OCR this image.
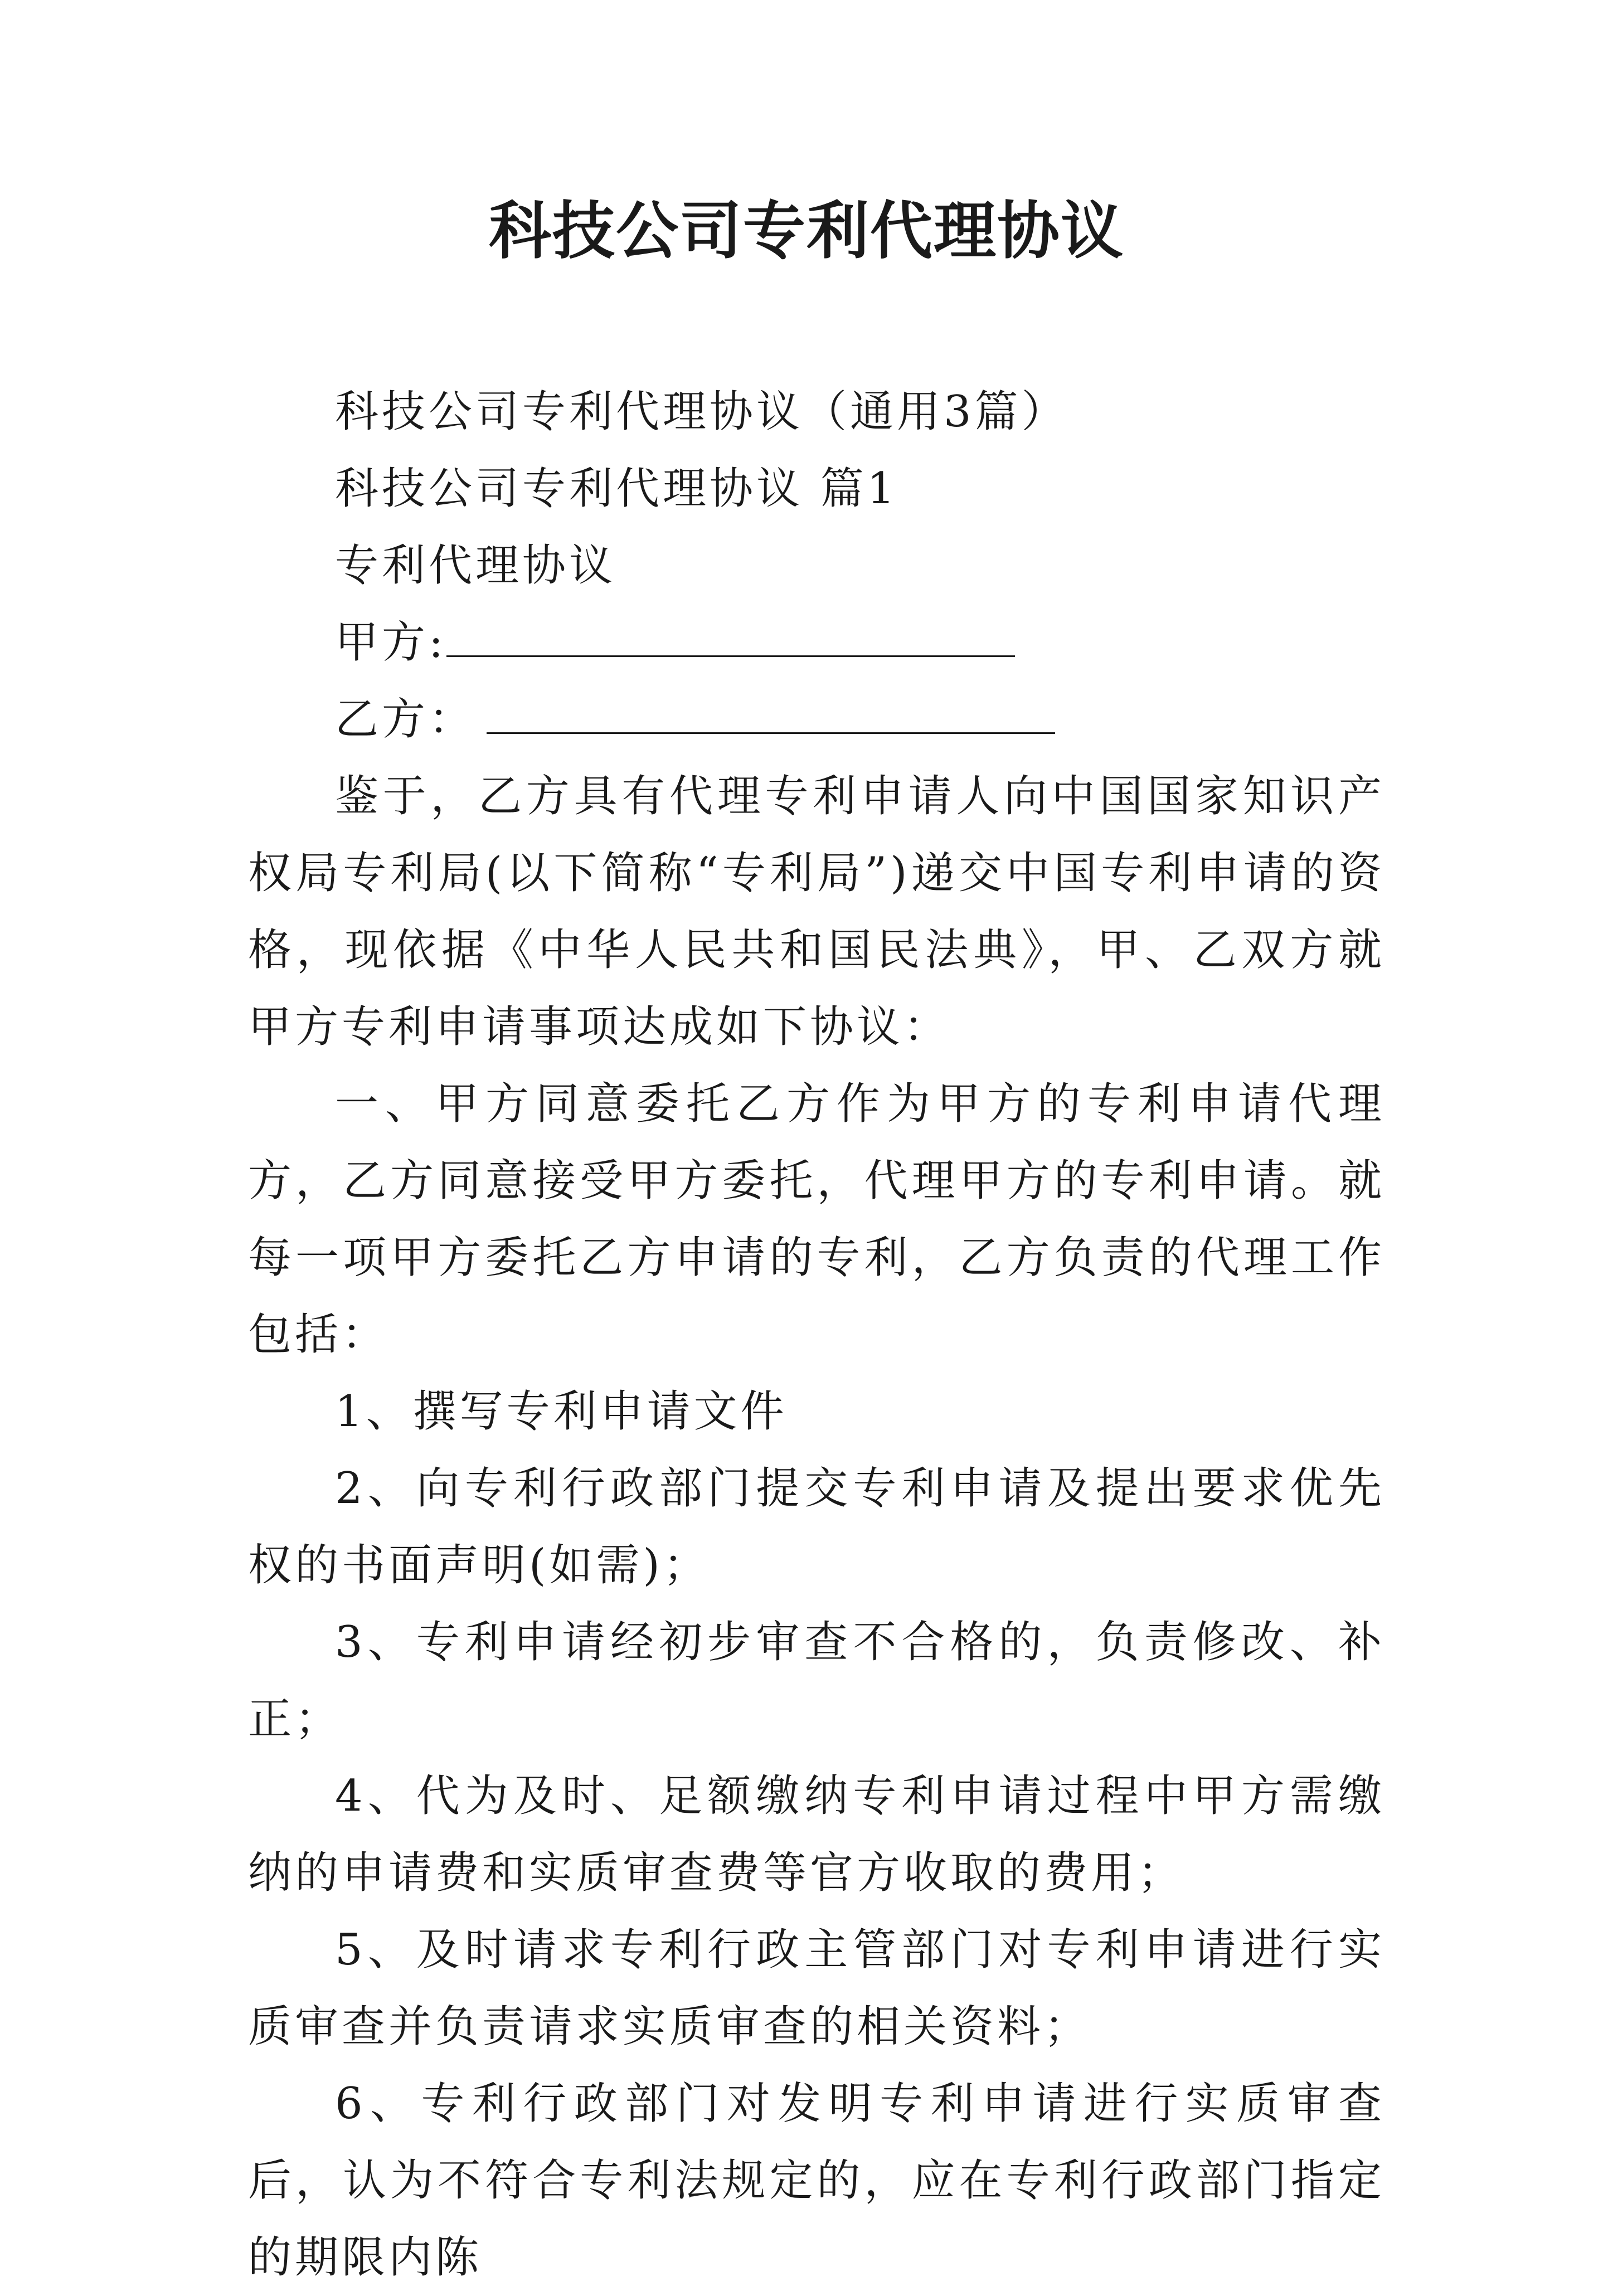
科技公司专利代理协议

科技公司专利代理协议（通用3篇）

科技公司专利代理协议 篇1

专利代理协议

甲方:

乙方：

鉴于，乙方具有代理专利申请人向中国国家知识产权局专利局(以下简称“专利局”)递交中国专利申请的资格，现依据《中华人民共和国民法典》，甲、乙双方就甲方专利申请事项达成如下协议：

一、甲方同意委托乙方作为甲方的专利申请代理方，乙方同意接受甲方委托，代理甲方的专利申请。就每一项甲方委托乙方申请的专利，乙方负责的代理工作包括：

1、撰写专利申请文件

2、向专利行政部门提交专利申请及提出要求优先权的书面声明(如需)；

3、专利申请经初步审查不合格的，负责修改、补正；

4、代为及时、足额缴纳专利申请过程中甲方需缴纳的申请费和实质审查费等官方收取的费用；

5、及时请求专利行政主管部门对专利申请进行实质审查并负责请求实质审查的相关资料；

6、专利行政部门对发明专利申请进行实质审查后，认为不符合专利法规定的，应在专利行政部门指定的期限内陈
